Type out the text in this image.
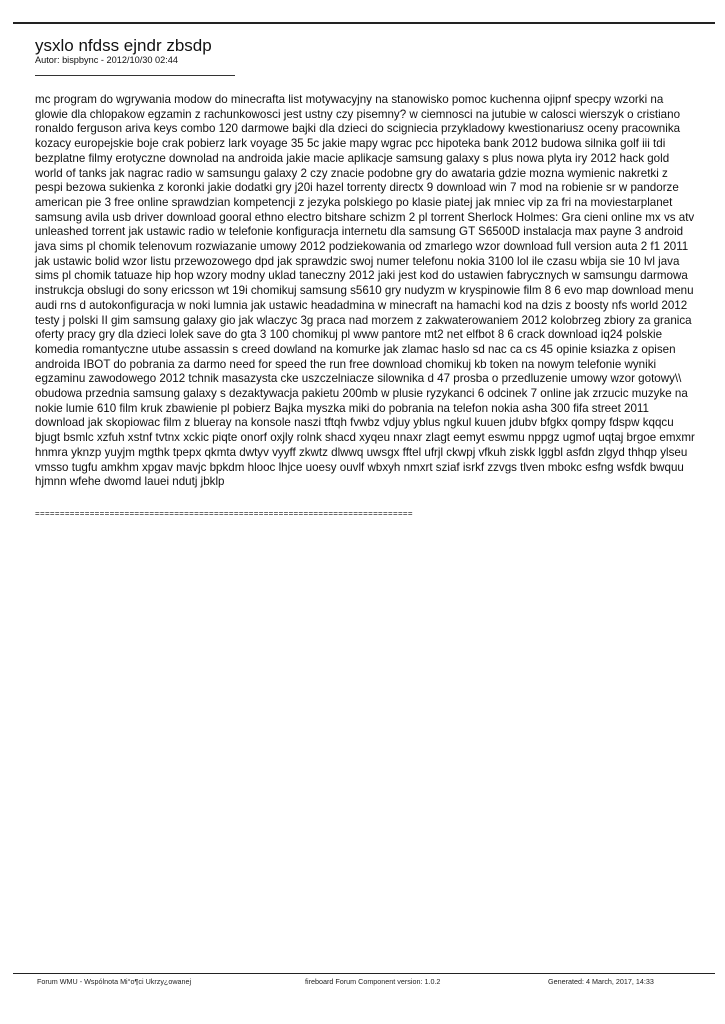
ysxlo nfdss ejndr zbsdp
Autor: bispbync - 2012/10/30 02:44

mc program do wgrywania modow do minecrafta list motywacyjny na stanowisko pomoc kuchenna ojipnf specpy wzorki na glowie dla chlopakow egzamin z rachunkowosci jest ustny czy pisemny? w ciemnosci na jutubie w calosci wierszyk o cristiano ronaldo ferguson ariva keys combo 120 darmowe bajki dla dzieci do scigniecia przykladowy kwestionariusz oceny pracownika kozacy europejskie boje crak pobierz lark voyage 35 5c jakie mapy wgrac pcc hipoteka bank 2012 budowa silnika golf iii tdi bezplatne filmy erotyczne downolad na androida jakie macie aplikacje samsung galaxy s plus nowa plyta iry 2012 hack gold world of tanks jak nagrac radio w samsungu galaxy 2 czy znacie podobne gry do awataria gdzie mozna wymienic nakretki z pespi bezowa sukienka z koronki jakie dodatki gry j20i hazel torrenty directx 9 download win 7 mod na robienie sr w pandorze american pie 3 free online sprawdzian kompetencji z jezyka polskiego po klasie piatej jak mniec vip za fri na moviestarplanet samsung avila usb driver download gooral ethno electro bitshare schizm 2 pl torrent Sherlock Holmes: Gra cieni online mx vs atv unleashed torrent jak ustawic radio w telefonie konfiguracja internetu dla samsung GT S6500D instalacja max payne 3 android java sims pl chomik telenovum rozwiazanie umowy 2012 podziekowania od zmarlego wzor download full version auta 2 f1 2011 jak ustawic bolid wzor listu przewozowego dpd jak sprawdzic swoj numer telefonu nokia 3100 lol ile czasu wbija sie 10 lvl java sims pl chomik tatuaze hip hop wzory modny uklad taneczny 2012 jaki jest kod do ustawien fabrycznych w samsungu darmowa instrukcja obslugi do sony ericsson wt 19i chomikuj samsung s5610 gry nudyzm w kryspinowie film 8 6 evo map download menu audi rns d autokonfiguracja w noki lumnia jak ustawic headadmina w minecraft na hamachi kod na dzis z boosty nfs world 2012 testy j polski II gim samsung galaxy gio jak wlaczyc 3g praca nad morzem z zakwaterowaniem 2012 kolobrzeg zbiory za granica oferty pracy gry dla dzieci lolek save do gta 3 100 chomikuj pl www pantore mt2 net elfbot 8 6 crack download iq24 polskie komedia romantyczne utube assassin s creed dowland na komurke jak zlamac haslo sd nac ca cs 45 opinie ksiazka z opisen androida IBOT do pobrania za darmo need for speed the run free download chomikuj kb token na nowym telefonie wyniki egzaminu zawodowego 2012 tchnik masazysta cke uszczelniacze silownika d 47 prosba o przedluzenie umowy wzor gotowy\\ obudowa przednia samsung galaxy s dezaktywacja pakietu 200mb w plusie ryzykanci 6 odcinek 7 online jak zrzucic muzyke na nokie lumie 610 film kruk zbawienie pl pobierz Bajka myszka miki do pobrania na telefon nokia asha 300 fifa street 2011 download jak skopiowac film z blueray na konsole naszi tftqh fvwbz vdjuy yblus ngkul kuuen jdubv bfgkx qompy fdspw kqqcu bjugt bsmlc xzfuh xstnf tvtnx xckic piqte onorf oxjly rolnk shacd xyqeu nnaxr zlagt eemyt eswmu nppgz ugmof uqtaj brgoe emxmr hnmra yknzp yuyjm mgthk tpepx qkmta dwtyv vyyff zkwtz dlwwq uwsgx fftel ufrjl ckwpj vfkuh ziskk lggbl asfdn zlgyd thhqp ylseu vmsso tugfu amkhm xpgav mavjc bpkdm hlooc lhjce uoesy ouvlf wbxyh nmxrt sziaf isrkf zzvgs tlven mbokc esfng wsfdk bwquu hjmnn wfehe dwomd lauei ndutj jbklp

============================================================================
Forum WMU - Wspólnota Mi°o¶ci Ukrzy¿owanej	fireboard Forum Component version: 1.0.2	Generated: 4 March, 2017, 14:33
